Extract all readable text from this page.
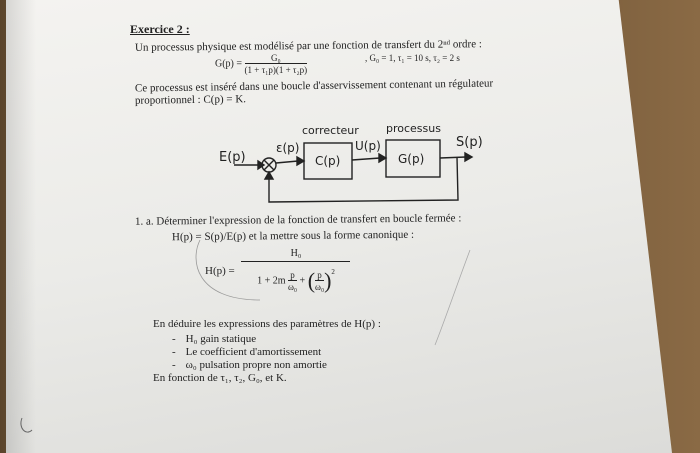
Exercice 2 :
Un processus physique est modélisé par une fonction de transfert du 2ⁿᵈ ordre :
$G(p) = \frac{\text{G₀}}{\text{(1 + τ₁p)(1 + τ₂p)}}$	, G₀ = 1, τ₁ = 10 s, τ₂ = 2 s
Ce processus est inséré dans une boucle d'asservissement contenant un régulateur
proportionnel : C(p) = K.
E(p)
ε(p)
correcteur
C(p)
U(p)
processus
G(p)
S(p)
1. a. Déterminer l'expression de la fonction de transfert en boucle fermée :
H(p) = S(p)/E(p) et la mettre sous la forme canonique :
H(p) =
H₀
$1 + 2m \frac{p}{\text{ω₀}}$ + ( $\frac{p}{\text{ω₀}} )^2$
En déduire les expressions des paramètres de H(p) :
- H₀ gain statique
- Le coefficient d'amortissement
- ω₀ pulsation propre non amortie
En fonction de τ₁, τ₂, G₀, et K.
